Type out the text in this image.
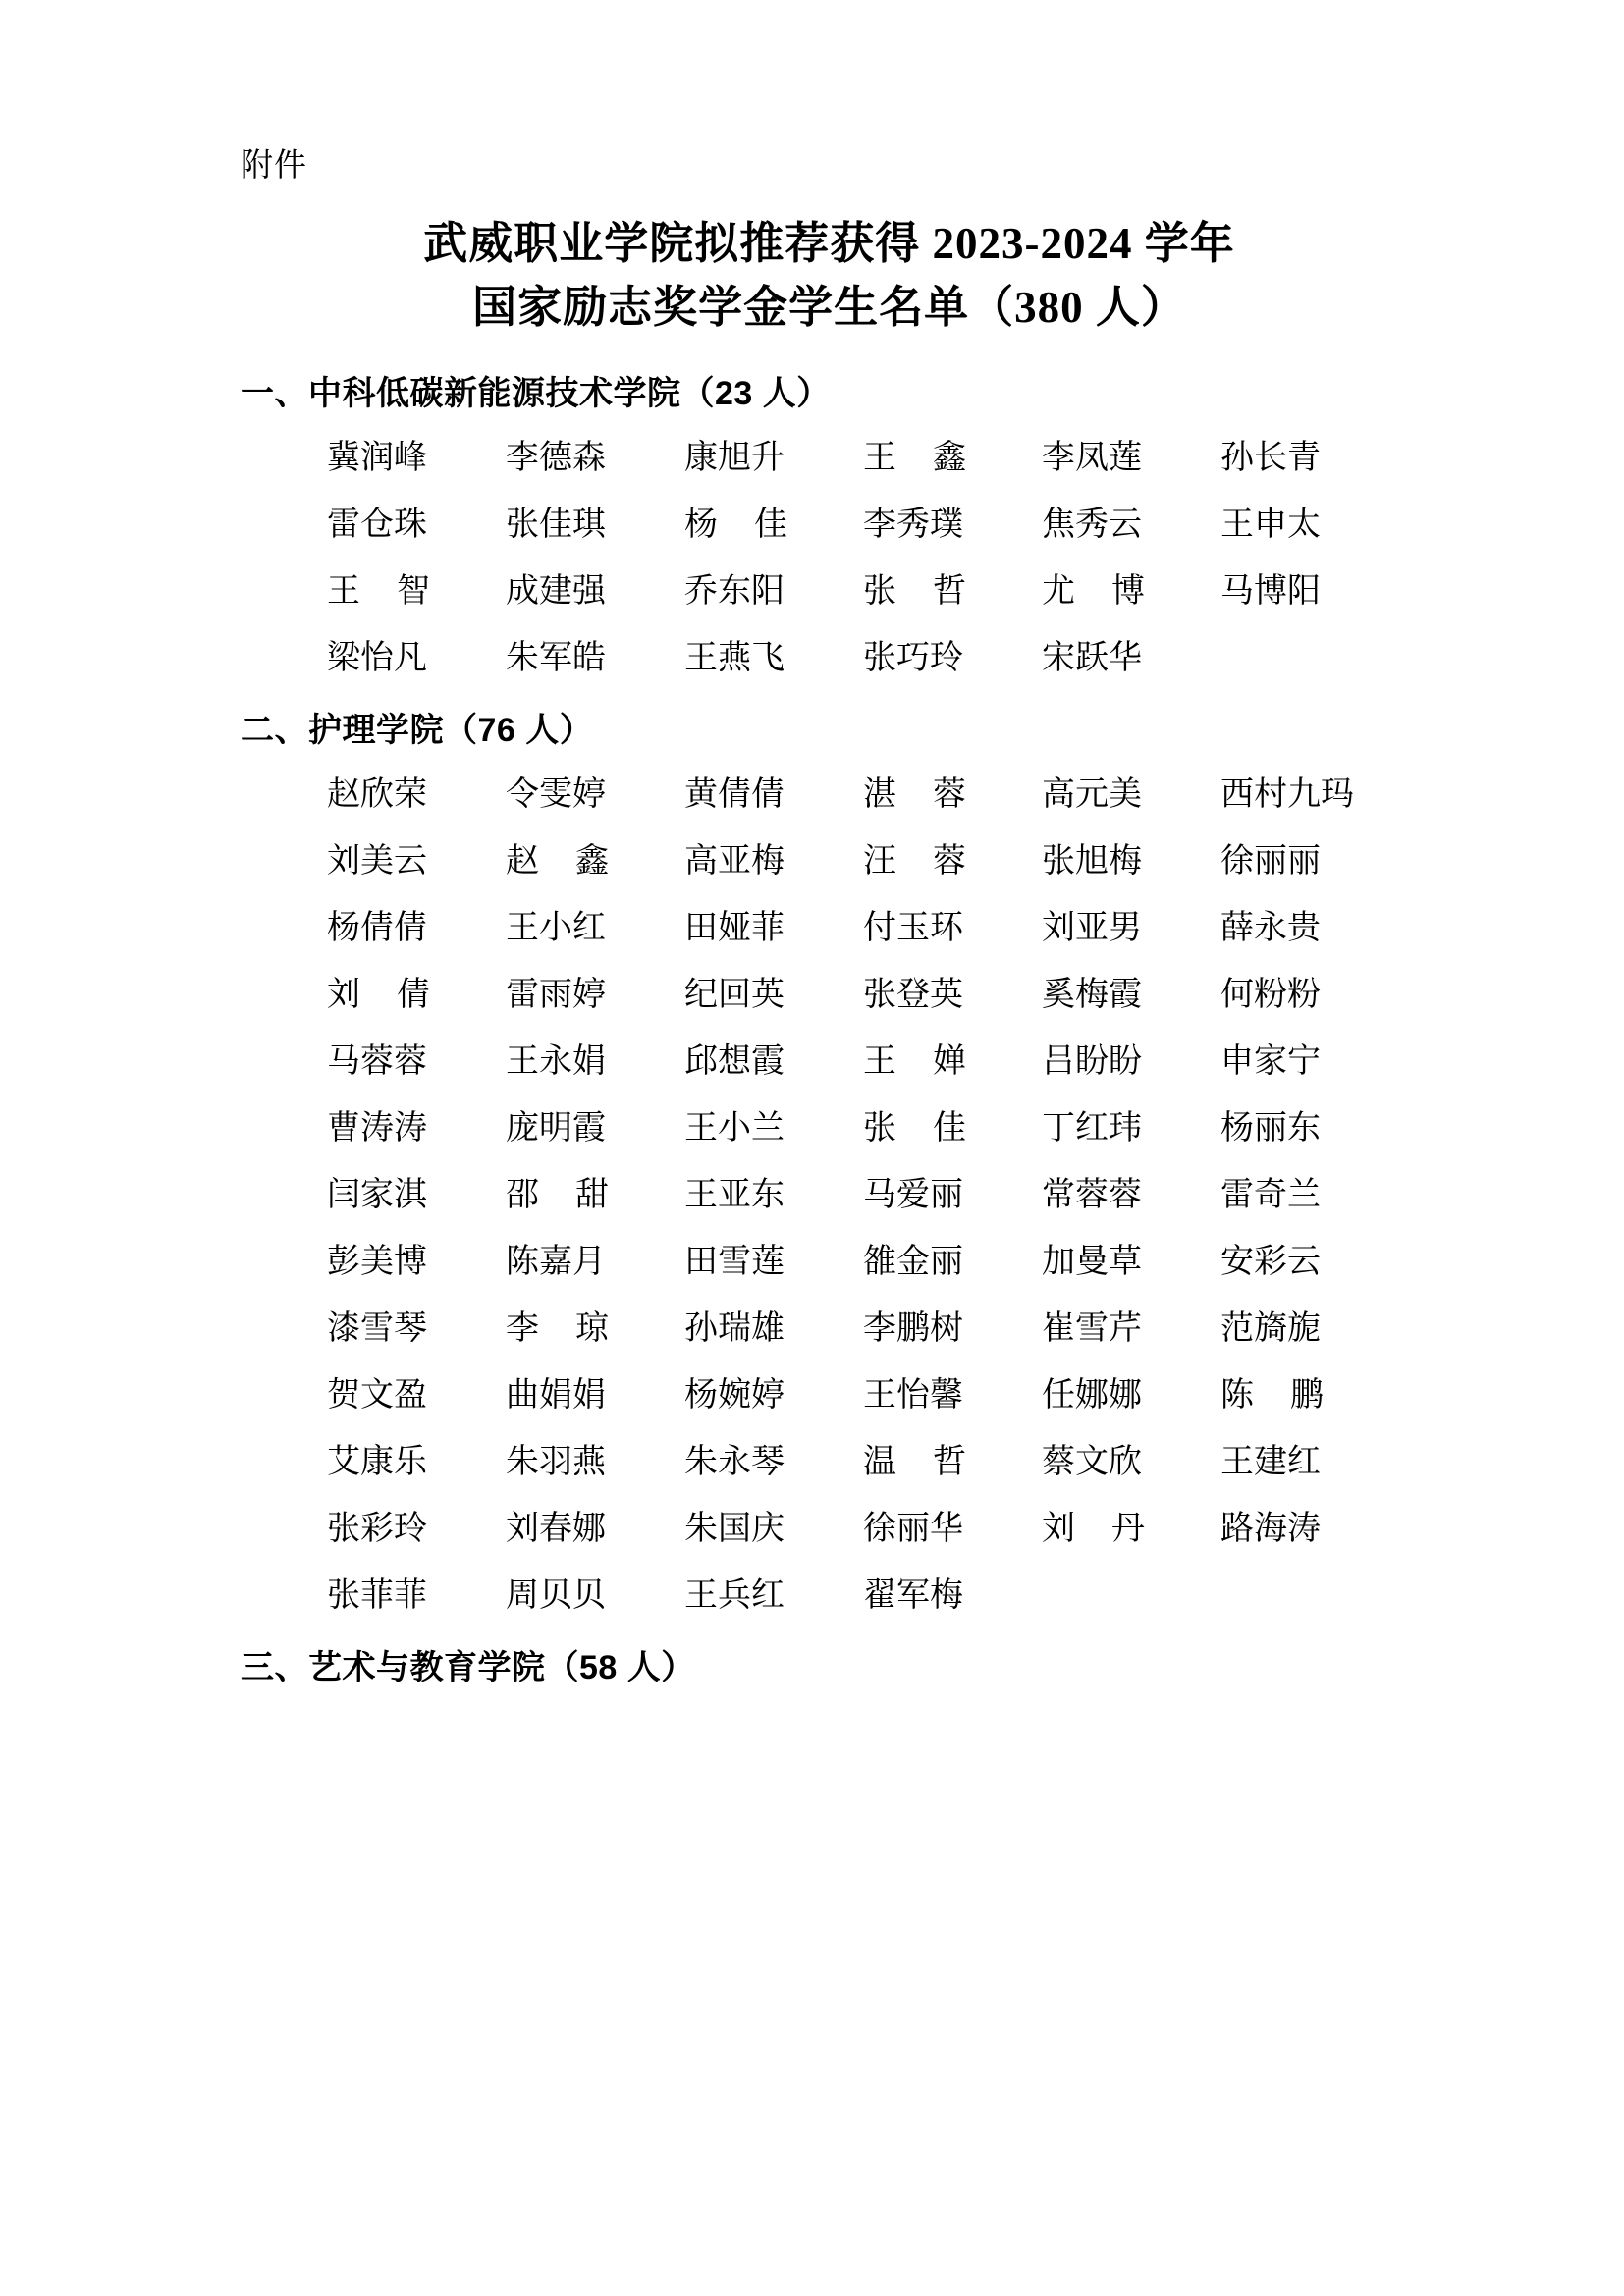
附件
武威职业学院拟推荐获得 2023-2024 学年
国家励志奖学金学生名单（380 人）
一、中科低碳新能源技术学院（23 人）
冀润峰	李德森	康旭升	王鑫	李凤莲	孙长青
雷仓珠	张佳琪	杨佳	李秀璞	焦秀云	王申太
王智	成建强	乔东阳	张哲	尤博	马博阳
梁怡凡	朱军皓	王燕飞	张巧玲	宋跃华
二、护理学院（76 人）
赵欣荣	令雯婷	黄倩倩	湛蓉	高元美	西村九玛
刘美云	赵鑫	高亚梅	汪蓉	张旭梅	徐丽丽
杨倩倩	王小红	田娅菲	付玉环	刘亚男	薛永贵
刘倩	雷雨婷	纪回英	张登英	奚梅霞	何粉粉
马蓉蓉	王永娟	邱想霞	王婵	吕盼盼	申家宁
曹涛涛	庞明霞	王小兰	张佳	丁红玮	杨丽东
闫家淇	邵甜	王亚东	马爱丽	常蓉蓉	雷奇兰
彭美博	陈嘉月	田雪莲	雒金丽	加曼草	安彩云
漆雪琴	李琼	孙瑞雄	李鹏树	崔雪芹	范旖旎
贺文盈	曲娟娟	杨婉婷	王怡馨	任娜娜	陈鹏
艾康乐	朱羽燕	朱永琴	温哲	蔡文欣	王建红
张彩玲	刘春娜	朱国庆	徐丽华	刘丹	路海涛
张菲菲	周贝贝	王兵红	翟军梅
三、艺术与教育学院（58 人）
